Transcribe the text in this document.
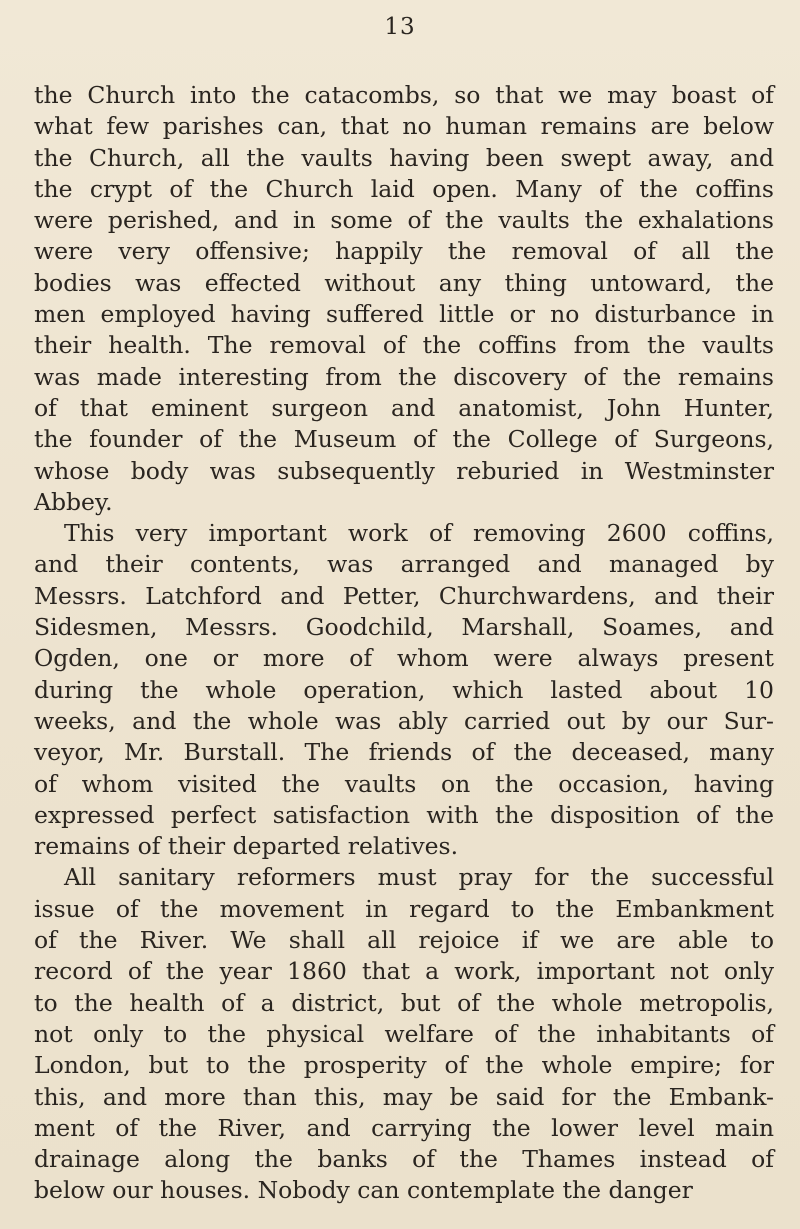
13
the Church into the catacombs, so that we may boast of
what few parishes can, that no human remains are below
the Church, all the vaults having been swept away, and
the crypt of the Church laid open. Many of the coffins
were perished, and in some of the vaults the exhalations
were very offensive; happily the removal of all the
bodies was effected without any thing untoward, the
men employed having suffered little or no disturbance in
their health. The removal of the coffins from the vaults
was made interesting from the discovery of the remains
of that eminent surgeon and anatomist, John Hunter,
the founder of the Museum of the College of Surgeons,
whose body was subsequently reburied in Westminster
Abbey.
This very important work of removing 2600 coffins,
and their contents, was arranged and managed by
Messrs. Latchford and Petter, Churchwardens, and their
Sidesmen, Messrs. Goodchild, Marshall, Soames, and
Ogden, one or more of whom were always present
during the whole operation, which lasted about 10
weeks, and the whole was ably carried out by our Sur-
veyor, Mr. Burstall. The friends of the deceased, many
of whom visited the vaults on the occasion, having
expressed perfect satisfaction with the disposition of the
remains of their departed relatives.
All sanitary reformers must pray for the successful
issue of the movement in regard to the Embankment
of the River. We shall all rejoice if we are able to
record of the year 1860 that a work, important not only
to the health of a district, but of the whole metropolis,
not only to the physical welfare of the inhabitants of
London, but to the prosperity of the whole empire; for
this, and more than this, may be said for the Embank-
ment of the River, and carrying the lower level main
drainage along the banks of the Thames instead of
below our houses. Nobody can contemplate the danger
